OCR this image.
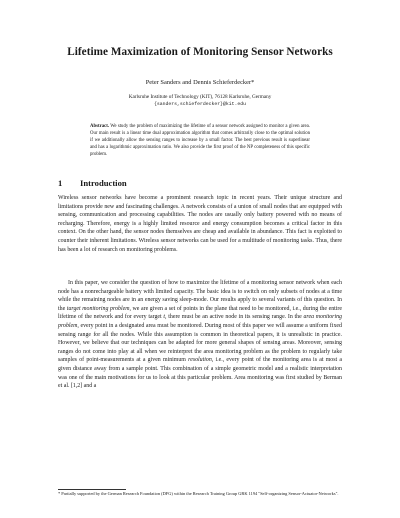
Lifetime Maximization of Monitoring Sensor Networks
Peter Sanders and Dennis Schieferdecker*
Karlsruhe Institute of Technology (KIT), 76128 Karlsruhe, Germany
{sanders,schieferdecker}@kit.edu
Abstract. We study the problem of maximizing the lifetime of a sensor network assigned to monitor a given area. Our main result is a linear time dual approximation algorithm that comes arbitrarily close to the optimal solution if we additionally allow the sensing ranges to increase by a small factor. The best previous result is superlinear and has a logarithmic approximation ratio. We also provide the first proof of the NP completeness of this specific problem.
1 Introduction
Wireless sensor networks have become a prominent research topic in recent years. Their unique structure and limitations provide new and fascinating challenges. A network consists of a union of small nodes that are equipped with sensing, communication and processing capabilities. The nodes are usually only battery powered with no means of recharging. Therefore, energy is a highly limited resource and energy consumption becomes a critical factor in this context. On the other hand, the sensor nodes themselves are cheap and available in abundance. This fact is exploited to counter their inherent limitations. Wireless sensor networks can be used for a multitude of monitoring tasks. Thus, there has been a lot of research on monitoring problems.
In this paper, we consider the question of how to maximize the lifetime of a monitoring sensor network when each node has a nonrechargeable battery with limited capacity. The basic idea is to switch on only subsets of nodes at a time while the remaining nodes are in an energy saving sleep-mode. Our results apply to several variants of this question. In the target monitoring problem, we are given a set of points in the plane that need to be monitored, i.e., during the entire lifetime of the network and for every target t, there must be an active node in its sensing range. In the area monitoring problem, every point in a designated area must be monitored. During most of this paper we will assume a uniform fixed sensing range for all the nodes. While this assumption is common in theoretical papers, it is unrealistic in practice. However, we believe that our techniques can be adapted for more general shapes of sensing areas. Moreover, sensing ranges do not come into play at all when we reinterpret the area monitoring problem as the problem to regularly take samples of point-measurements at a given minimum resolution, i.e., every point of the monitoring area is at most a given distance away from a sample point. This combination of a simple geometric model and a realistic interpretation was one of the main motivations for us to look at this particular problem. Area monitoring was first studied by Berman et al. [1,2] and a
* Partially supported by the German Research Foundation (DFG) within the Research Training Group GRK 1194 "Self-organizing Sensor-Actuator-Networks".
